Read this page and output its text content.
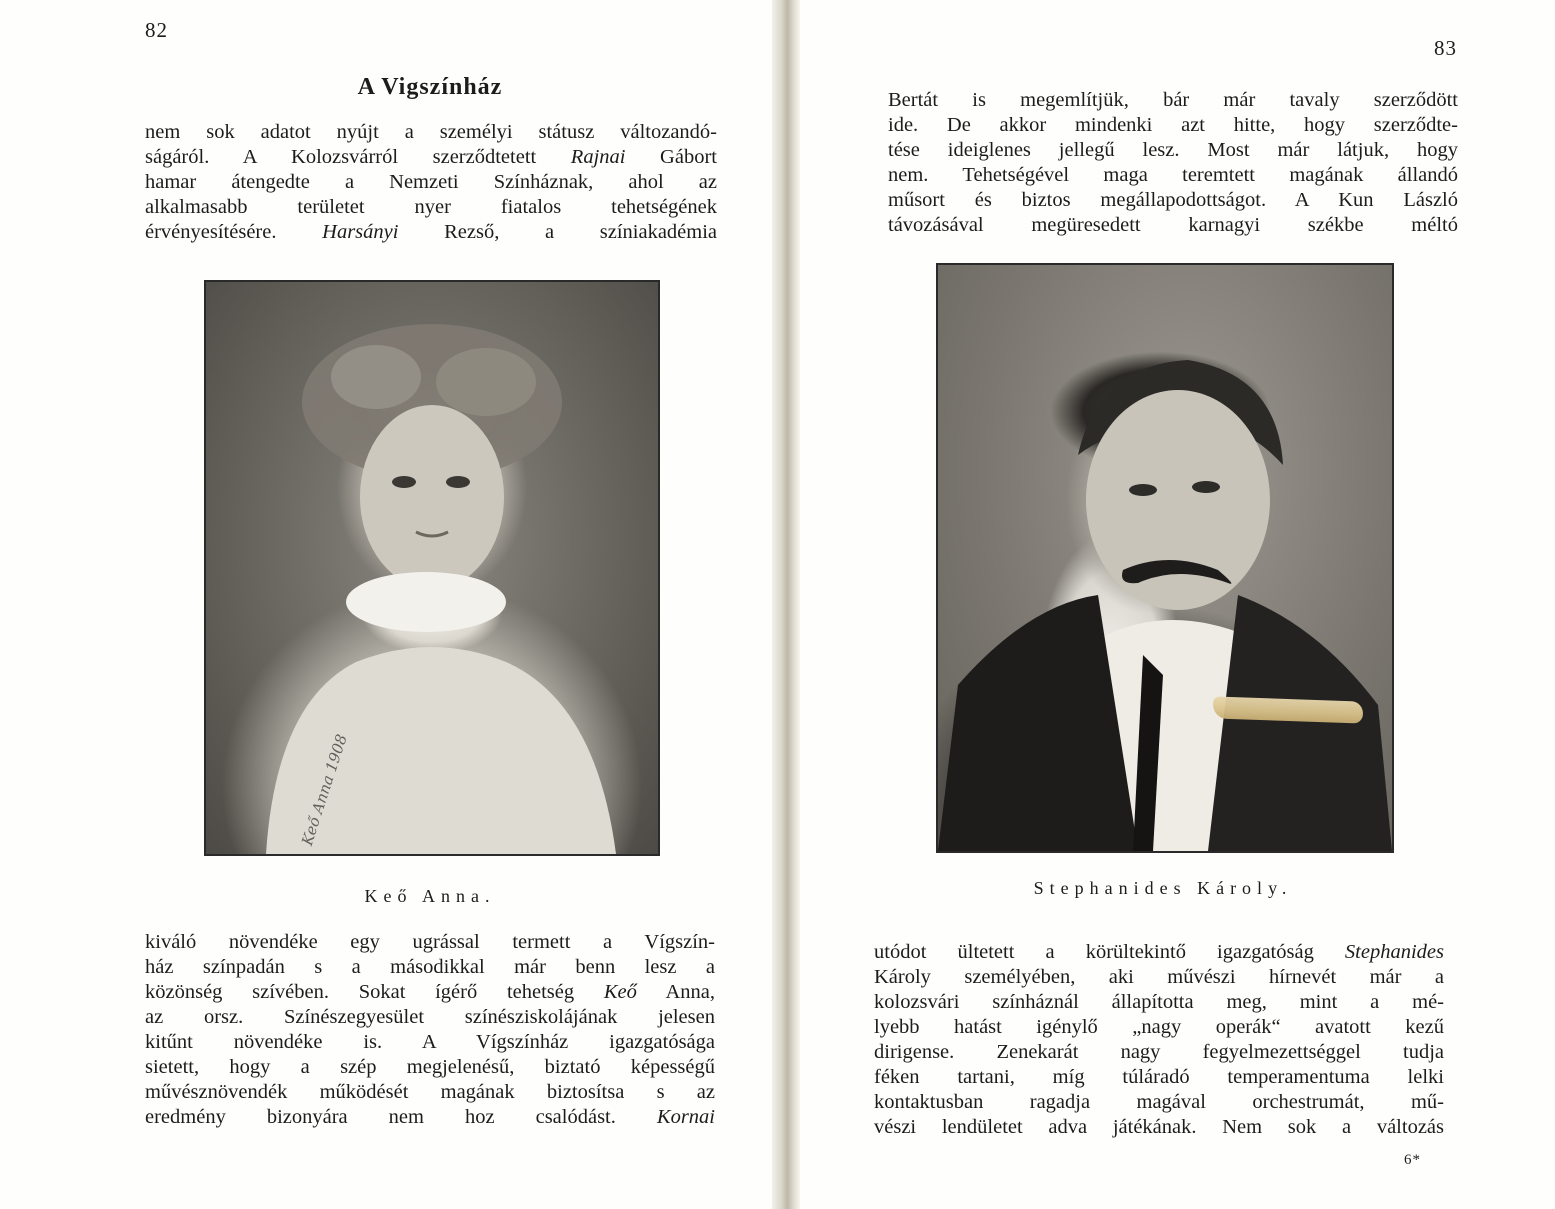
82
A Vigszínház
nem sok adatot nyújt a személyi státusz változandó-
ságáról. A Kolozsvárról szerződtetett Rajnai Gábort
hamar átengedte a Nemzeti Színháznak, ahol az
alkalmasabb területet nyer fiatalos tehetségének
érvényesítésére. Harsányi Rezső, a színiakadémia
Keő Anna 1908
Keő Anna.
kiváló növendéke egy ugrással termett a Vígszín-
ház színpadán s a másodikkal már benn lesz a
közönség szívében. Sokat ígérő tehetség Keő Anna,
az orsz. Színészegyesület színésziskolájának jelesen
kitűnt növendéke is. A Vígszínház igazgatósága
sietett, hogy a szép megjelenésű, biztató képességű
művésznövendék működését magának biztosítsa s az
eredmény bizonyára nem hoz csalódást. Kornai
83
Bertát is megemlítjük, bár már tavaly szerződött
ide. De akkor mindenki azt hitte, hogy szerződte-
tése ideiglenes jellegű lesz. Most már látjuk, hogy
nem. Tehetségével maga teremtett magának állandó
műsort és biztos megállapodottságot. A Kun László
távozásával megüresedett karnagyi székbe méltó
Stephanides Károly.
utódot ültetett a körültekintő igazgatóság Stephanides
Károly személyében, aki művészi hírnevét már a
kolozsvári színháznál állapította meg, mint a mé-
lyebb hatást igénylő „nagy operák“ avatott kezű
dirigense. Zenekarát nagy fegyelmezettséggel tudja
féken tartani, míg túláradó temperamentuma lelki
kontaktusban ragadja magával orchestrumát, mű-
vészi lendületet adva játékának. Nem sok a változás
6*
